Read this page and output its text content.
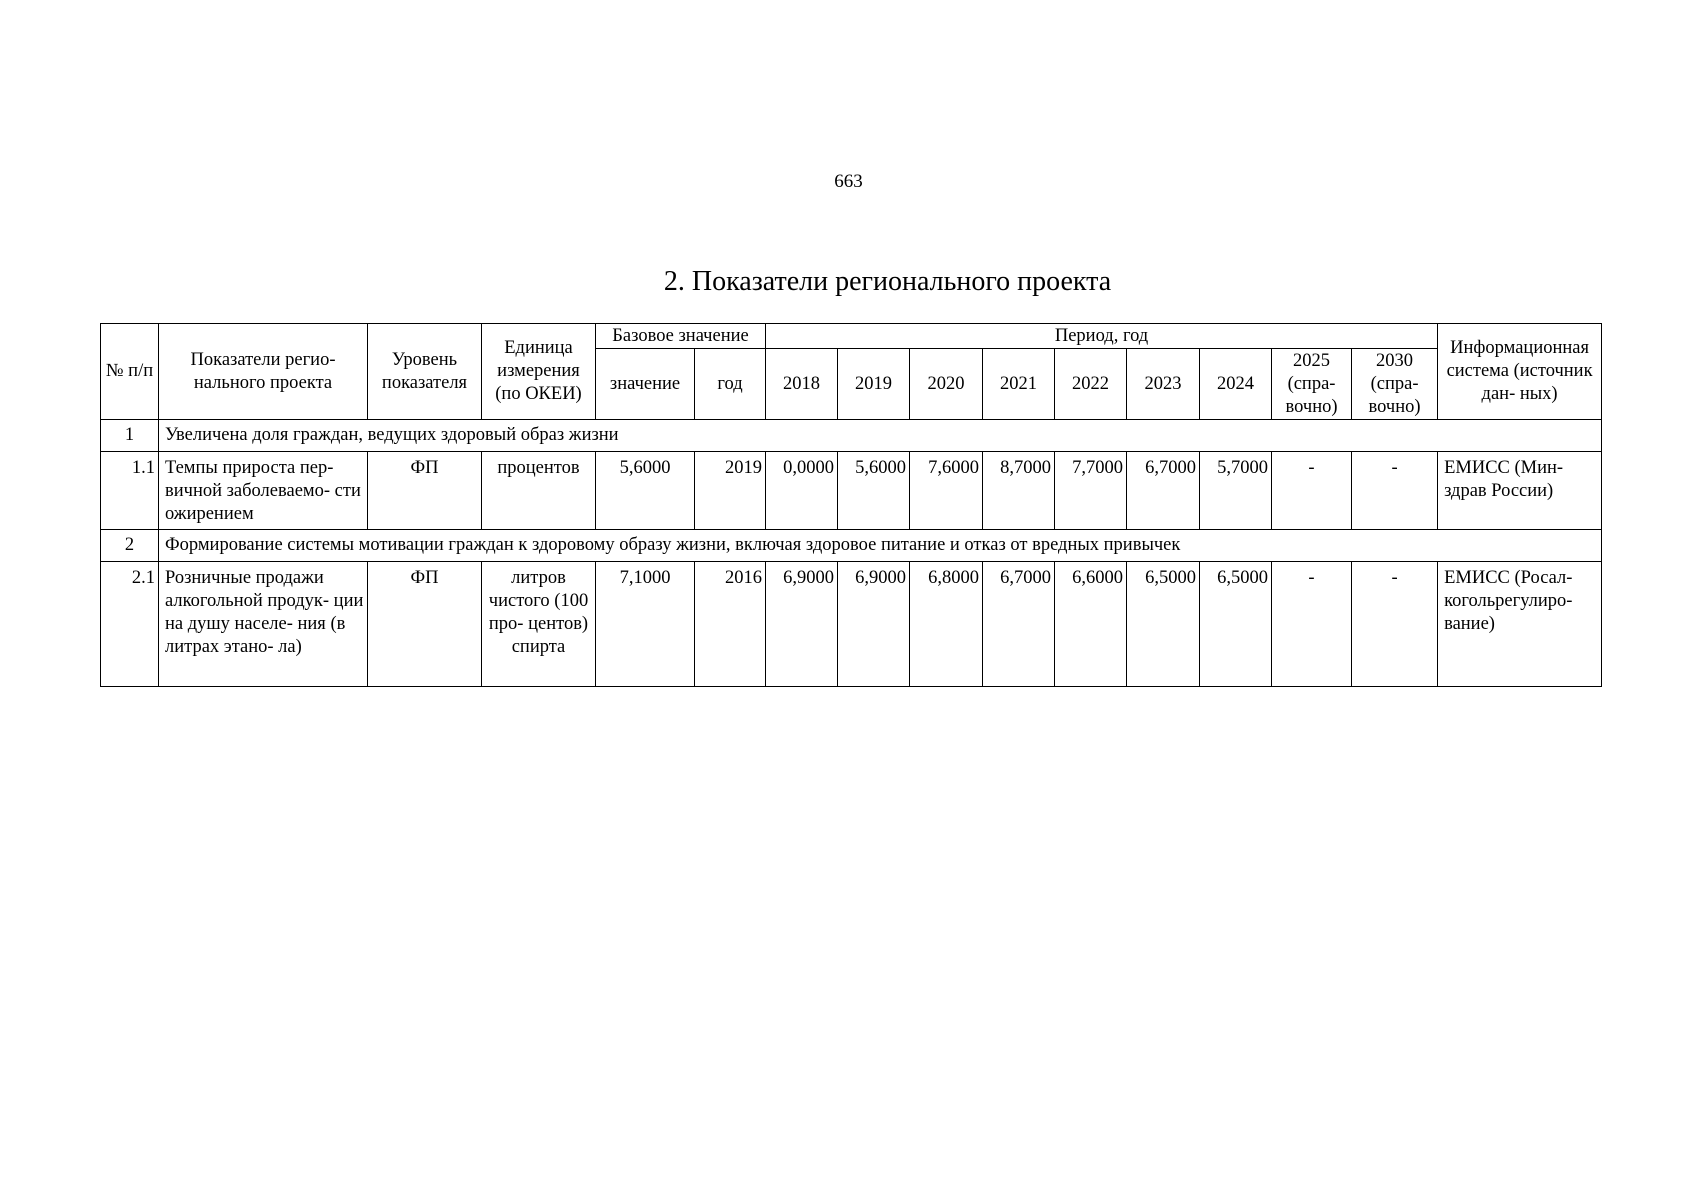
663
2. Показатели регионального проекта
№ п/п	Показатели регио- нального проекта	Уровень показателя	Единица измерения (по ОКЕИ)	Базовое значение		Период, год									Информационная система (источник дан- ных)
				значение	год	2018	2019	2020	2021	2022	2023	2024	2025 (спра- вочно)	2030 (спра- вочно)	
1	Увеличена доля граждан, ведущих здоровый образ жизни														
1.1	Темпы прироста пер- вичной заболеваемо- сти ожирением	ФП	процентов	5,6000	2019	0,0000	5,6000	7,6000	8,7000	7,7000	6,7000	5,7000	-	-	ЕМИСС (Мин- здрав России)
2	Формирование системы мотивации граждан к здоровому образу жизни, включая здоровое питание и отказ от вредных привычек														
2.1	Розничные продажи алкогольной продук- ции на душу населе- ния (в литрах этано- ла)	ФП	литров чистого (100 про- центов) спирта	7,1000	2016	6,9000	6,9000	6,8000	6,7000	6,6000	6,5000	6,5000	-	-	ЕМИСС (Росал- когольрегулиро- вание)
